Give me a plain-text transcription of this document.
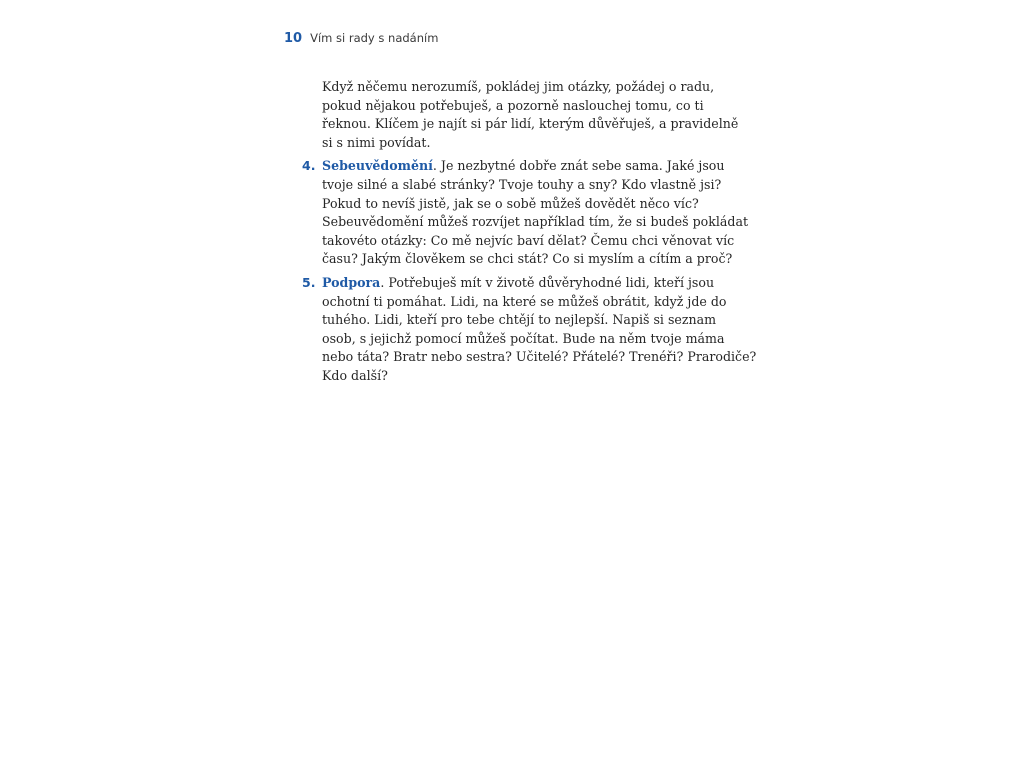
10 Vím si rady s nadáním

Když něčemu nerozumíš, pokládej jim otázky, požádej o radu,
pokud nějakou potřebuješ, a pozorně naslouchej tomu, co ti
řeknou. Klíčem je najít si pár lidí, kterým důvěřuješ, a pravidelně
si s nimi povídat.

4. Sebeuvědomění. Je nezbytné dobře znát sebe sama. Jaké jsou
tvoje silné a slabé stránky? Tvoje touhy a sny? Kdo vlastně jsi?
Pokud to nevíš jistě, jak se o sobě můžeš dovědět něco víc?
Sebeuvědomění můžeš rozvíjet například tím, že si budeš pokládat
takovéto otázky: Co mě nejvíc baví dělat? Čemu chci věnovat víc
času? Jakým člověkem se chci stát? Co si myslím a cítím a proč?
5. Podpora. Potřebuješ mít v životě důvěryhodné lidi, kteří jsou
ochotní ti pomáhat. Lidi, na které se můžeš obrátit, když jde do
tuhého. Lidi, kteří pro tebe chtějí to nejlepší. Napiš si seznam
osob, s jejichž pomocí můžeš počítat. Bude na něm tvoje máma
nebo táta? Bratr nebo sestra? Učitelé? Přátelé? Trenéři? Prarodiče?
Kdo další?
